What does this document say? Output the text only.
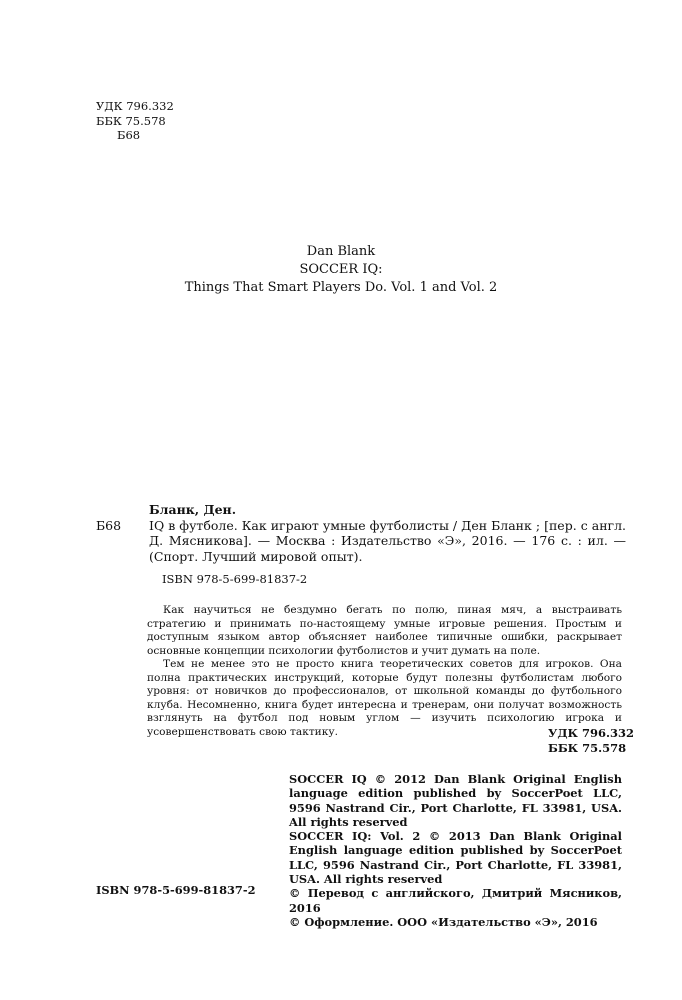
УДК 796.332
ББК 75.578
Б68
Dan Blank
SOCCER IQ:
Things That Smart Players Do. Vol. 1 and Vol. 2
Бланк, Ден.
Б68 IQ в футболе. Как играют умные футболисты / Ден Бланк ; [пер. с англ. Д. Мясникова]. — Москва : Издательство «Э», 2016. — 176 с. : ил. — (Спорт. Лучший мировой опыт).
ISBN 978-5-699-81837-2

Как научиться не бездумно бегать по полю, пиная мяч, а выстраивать стратегию и принимать по-настоящему умные игровые решения. Простым и доступным языком автор объясняет наиболее типичные ошибки, раскрывает основные концепции психологии футболистов и учит думать на поле.

Тем не менее это не просто книга теоретических советов для игроков. Она полна практических инструкций, которые будут полезны футболистам любого уровня: от новичков до профессионалов, от школьной команды до футбольного клуба. Несомненно, книга будет интересна и тренерам, они получат возможность взглянуть на футбол под новым углом — изучить психологию игрока и усовершенствовать свою тактику.	УДК 796.332
ББК 75.578

SOCCER IQ © 2012 Dan Blank Original English language edition published by SoccerPoet LLC, 9596 Nastrand Cir., Port Charlotte, FL 33981, USA. All rights reserved

SOCCER IQ: Vol. 2 © 2013 Dan Blank Original English language edition published by SoccerPoet LLC, 9596 Nastrand Cir., Port Charlotte, FL 33981, USA. All rights reserved

© Перевод с английского, Дмитрий Мясников, 2016

© Оформление. ООО «Издательство «Э», 2016

ISBN 978-5-699-81837-2
